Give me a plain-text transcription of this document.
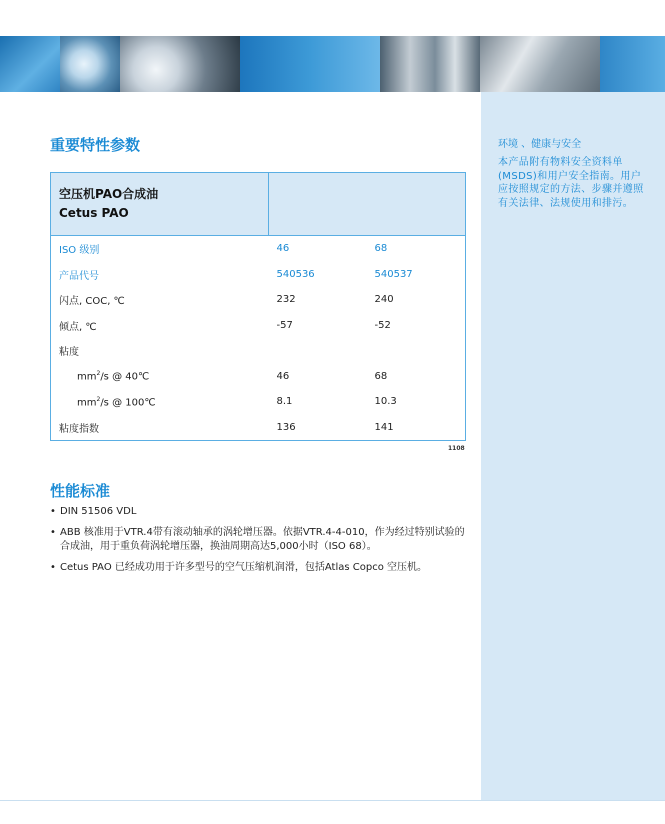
环境 、健康与安全
本产品附有物料安全资料单(MSDS)和用户安全指南。用户应按照规定的方法、步骤并遵照有关法律、法规使用和排污。
重要特性参数
空压机PAO合成油
Cetus PAO		

ISO 级别	46	68
产品代号	540536	540537
闪点, COC, ℃	232	240
倾点, ℃	-57	-52
粘度		
$mm^2/s$ @ 40℃	46	68
$mm^2/s$ @ 100℃	8.1	10.3
粘度指数	136	141
1108
性能标准
• DIN 51506 VDL
• ABB 核准用于VTR.4带有滚动轴承的涡轮增压器。依据VTR.4-4-010，作为经过特别试验的合成油，用于重负荷涡轮增压器，换油周期高达5,000小时（ISO 68）。
• Cetus PAO 已经成功用于许多型号的空气压缩机润滑，包括Atlas Copco 空压机。
